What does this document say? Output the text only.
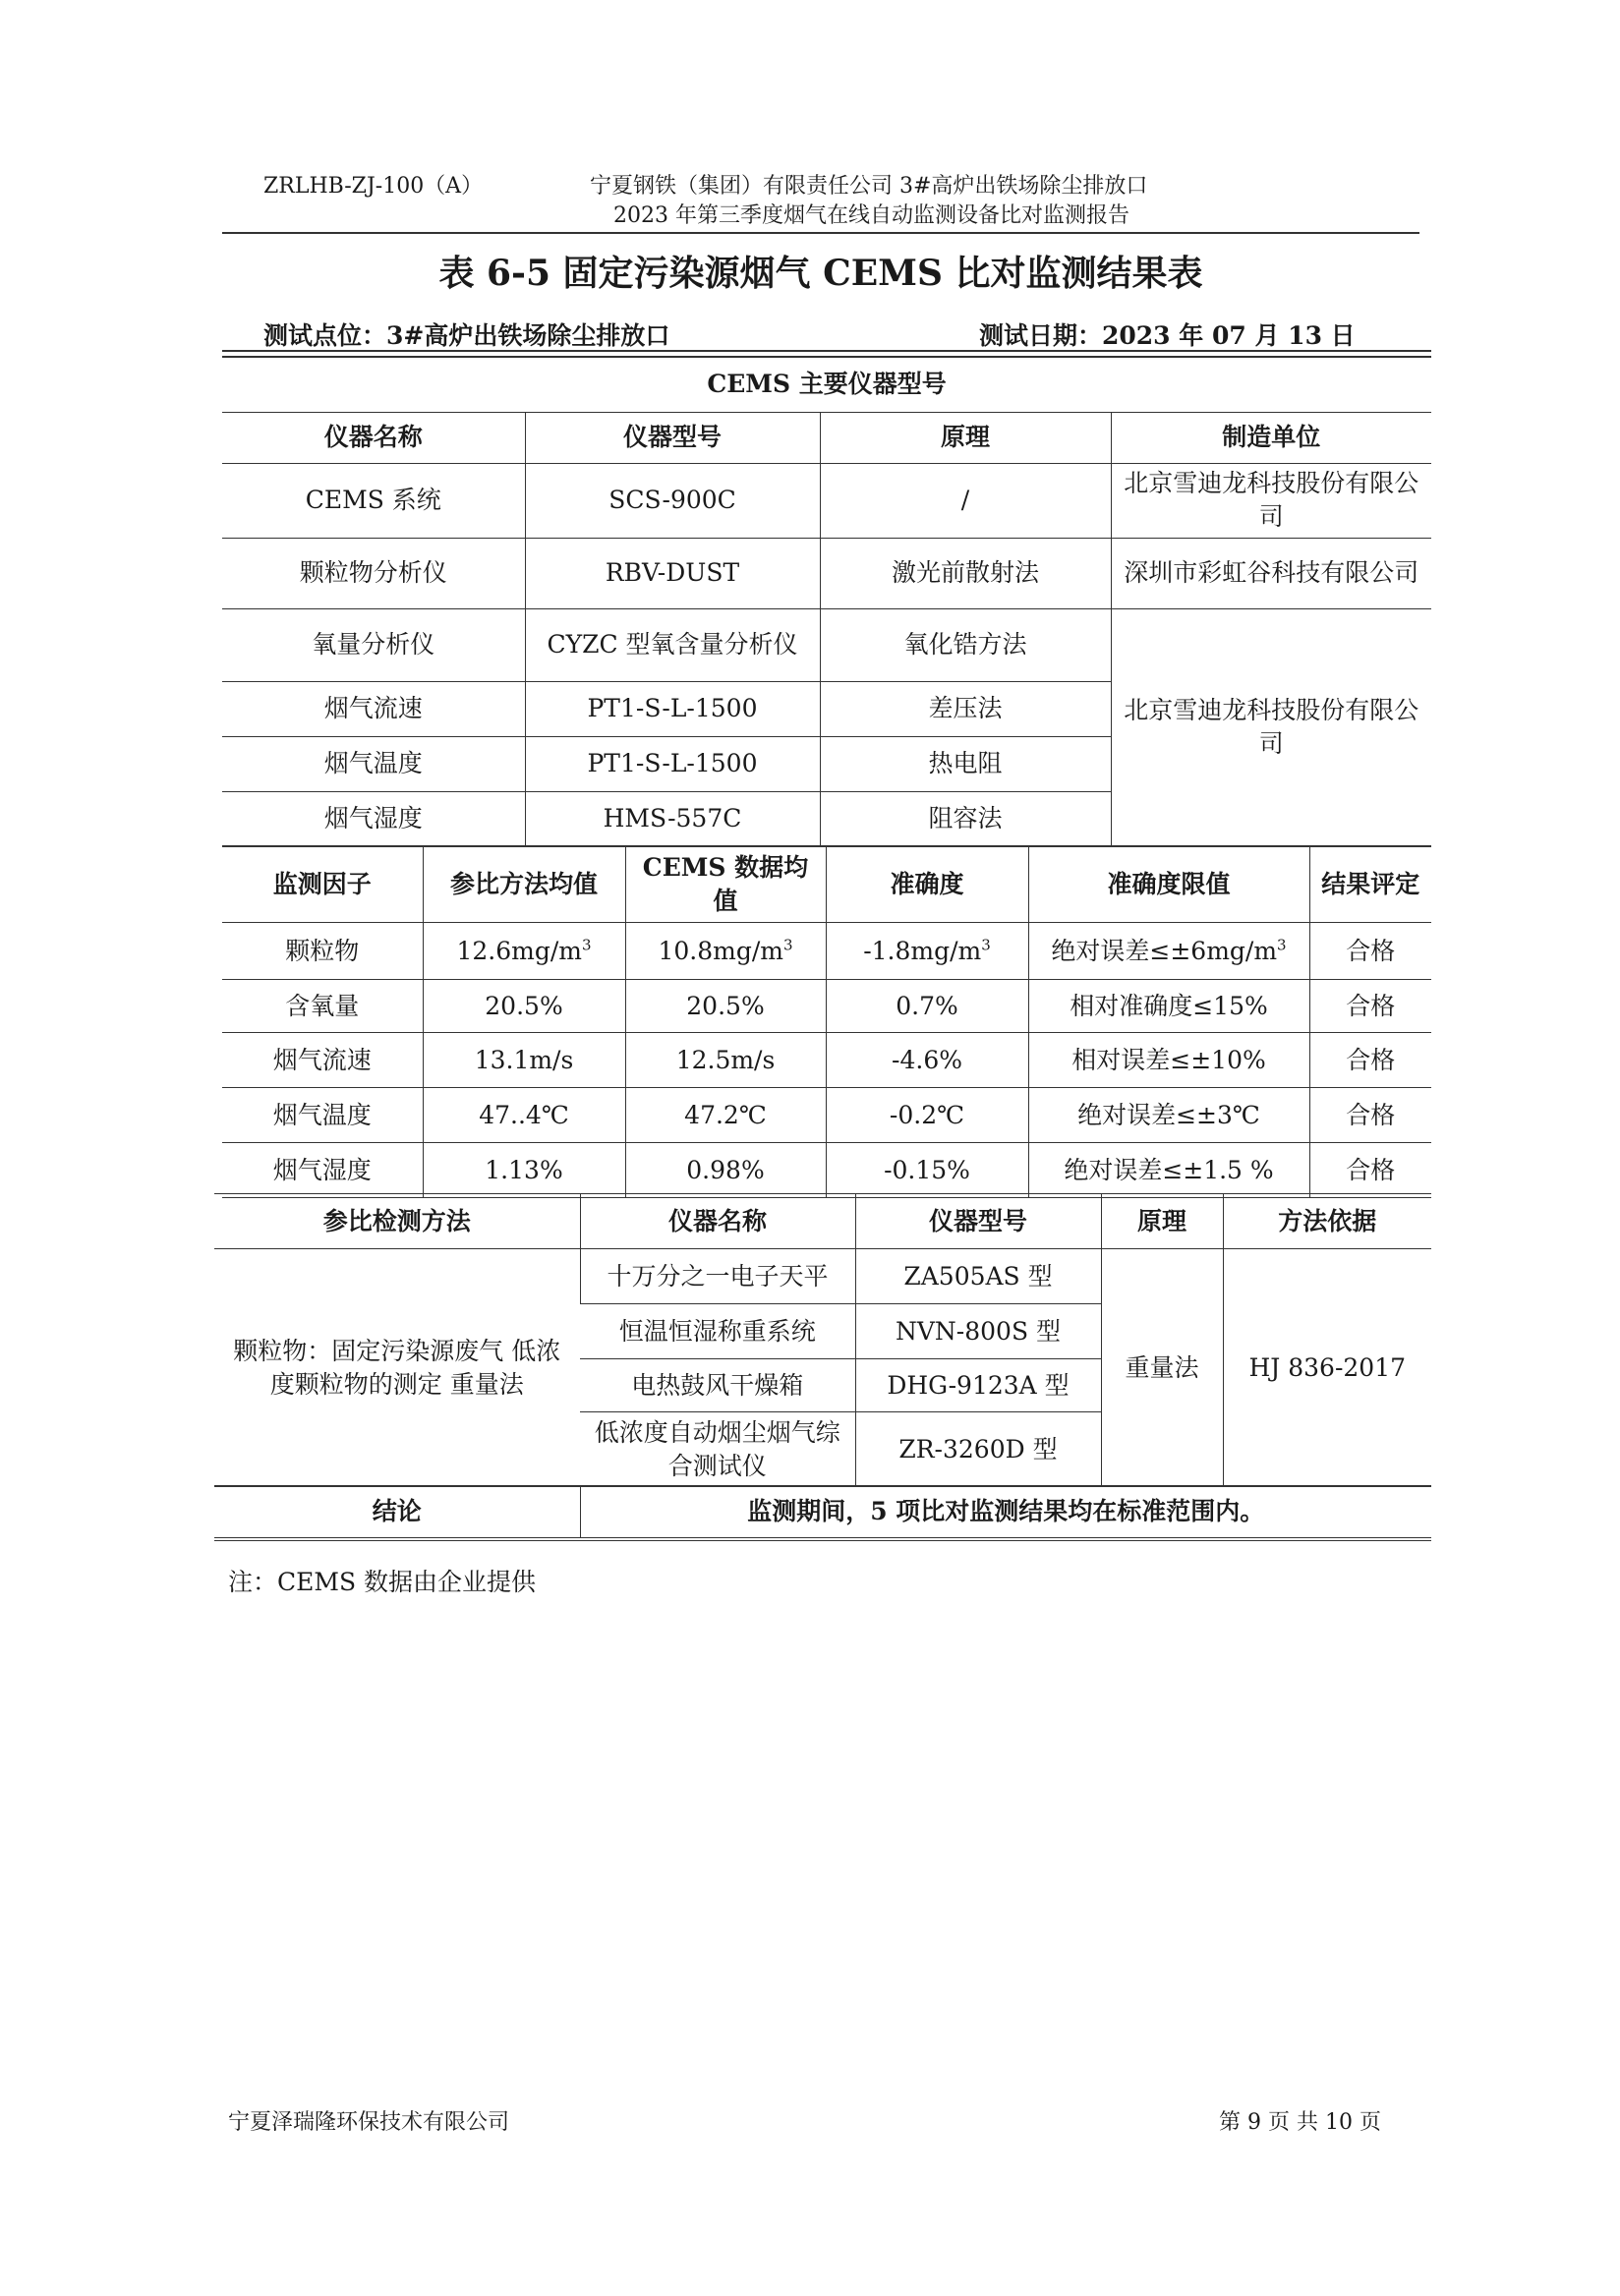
ZRLHB-ZJ-100（A）	宁夏钢铁（集团）有限责任公司 3#高炉出铁场除尘排放口
2023 年第三季度烟气在线自动监测设备比对监测报告
表 6-5 固定污染源烟气 CEMS 比对监测结果表
测试点位：3#高炉出铁场除尘排放口	测试日期：2023 年 07 月 13 日
CEMS 主要仪器型号			
仪器名称	仪器型号	原理	制造单位
CEMS 系统	SCS-900C	/	北京雪迪龙科技股份有限公司
颗粒物分析仪	RBV-DUST	激光前散射法	深圳市彩虹谷科技有限公司
氧量分析仪	CYZC 型氧含量分析仪	氧化锆方法	北京雪迪龙科技股份有限公司
烟气流速	PT1-S-L-1500	差压法	
烟气温度	PT1-S-L-1500	热电阻	
烟气湿度	HMS-557C	阻容法	
监测因子	参比方法均值	CEMS 数据均值	准确度	准确度限值	结果评定
颗粒物	$12.6mg/m^3$	$10.8mg/m^3$	$-1.8mg/m^3$	绝对误差$\le\pm 6mg/m^3$	合格
含氧量	20.5%	20.5%	0.7%	相对准确度≤15%	合格
烟气流速	13.1m/s	12.5m/s	-4.6%	相对误差≤±10%	合格
烟气温度	47..4℃	47.2℃	-0.2℃	绝对误差≤±3℃	合格
烟气湿度	1.13%	0.98%	-0.15%	绝对误差≤±1.5 %	合格
参比检测方法	仪器名称	仪器型号	原理	方法依据
颗粒物：固定污染源废气 低浓度颗粒物的测定 重量法	十万分之一电子天平	ZA505AS 型	重量法	HJ 836-2017
	恒温恒湿称重系统	NVN-800S 型		
	电热鼓风干燥箱	DHG-9123A 型		
	低浓度自动烟尘烟气综合测试仪	ZR-3260D 型		
结论	监测期间，5 项比对监测结果均在标准范围内。
注：CEMS 数据由企业提供
宁夏泽瑞隆环保技术有限公司	第 9 页 共 10 页
